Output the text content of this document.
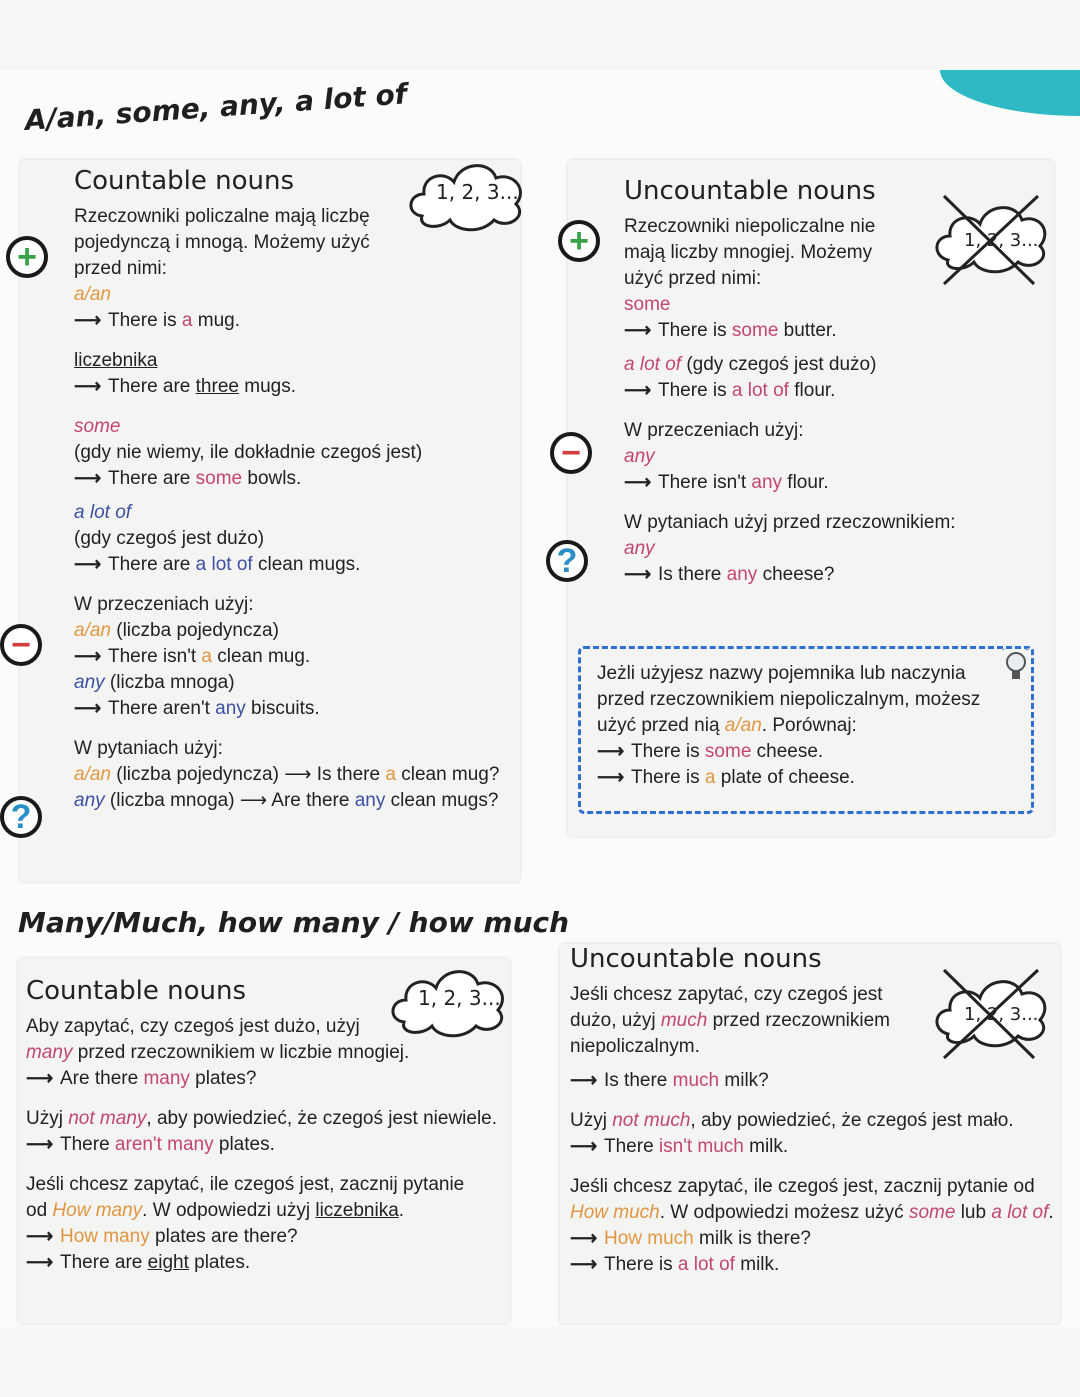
A/an, some, any, a lot of
Countable nouns

Rzeczowniki policzalne mają liczbę pojedynczą i mnogą. Możemy użyć przed nimi:

a/an

⟶ There is a mug.

liczebnika

⟶ There are three mugs.

some

(gdy nie wiemy, ile dokładnie czegoś jest)

⟶ There are some bowls.

a lot of

(gdy czegoś jest dużo)

⟶ There are a lot of clean mugs.

W przeczeniach użyj:

a/an (liczba pojedyncza)

⟶ There isn't a clean mug.

any (liczba mnoga)

⟶ There aren't any biscuits.

W pytaniach użyj:

a/an (liczba pojedyncza) ⟶ Is there a clean mug?

any (liczba mnoga) ⟶ Are there any clean mugs?

+
−
?
1, 2, 3...	Uncountable nouns

Rzeczowniki niepoliczalne nie mają liczby mnogiej. Możemy użyć przed nimi:

some

⟶ There is some butter.

a lot of (gdy czegoś jest dużo)

⟶ There is a lot of flour.

W przeczeniach użyj:

any

⟶ There isn't any flour.

W pytaniach użyj przed rzeczownikiem:

any

⟶ Is there any cheese?

+
−
?
1, 2, 3...

Jeżli użyjesz nazwy pojemnika lub naczynia

przed rzeczownikiem niepoliczalnym, możesz

użyć przed nią a/an. Porównaj:

⟶ There is some cheese.

⟶ There is a plate of cheese.

Many/Much, how many / how much
Countable nouns

Aby zapytać, czy czegoś jest dużo, użyj

many przed rzeczownikiem w liczbie mnogiej.

⟶ Are there many plates?

Użyj not many, aby powiedzieć, że czegoś jest niewiele.

⟶ There aren't many plates.

Jeśli chcesz zapytać, ile czegoś jest, zacznij pytanie

od How many. W odpowiedzi użyj liczebnika.

⟶ How many plates are there?

⟶ There are eight plates.

1, 2, 3...
Uncountable nouns

Jeśli chcesz zapytać, czy czegoś jest

dużo, użyj much przed rzeczownikiem

niepoliczalnym.

⟶ Is there much milk?

Użyj not much, aby powiedzieć, że czegoś jest mało.

⟶ There isn't much milk.

Jeśli chcesz zapytać, ile czegoś jest, zacznij pytanie od

How much. W odpowiedzi możesz użyć some lub a lot of.

⟶ How much milk is there?

⟶ There is a lot of milk.

1, 2, 3...
